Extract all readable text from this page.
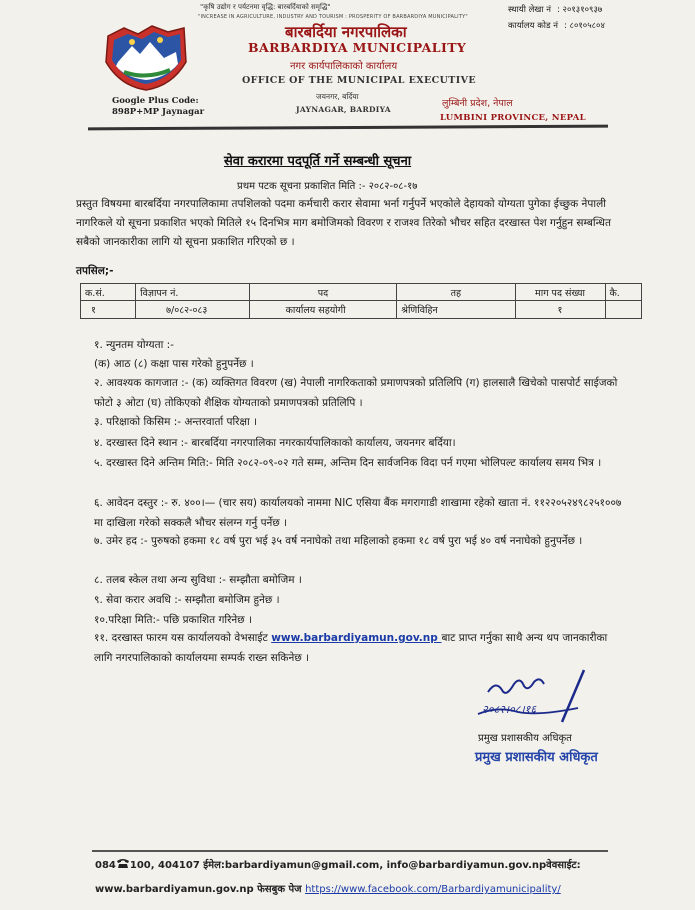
"कृषि उद्योग र पर्यटनमा वृद्धि: बारबर्दियाको समृद्धि"
"INCREASE IN AGRICULTURE, INDUSTRY AND TOURISM : PROSPERITY OF BARBARDIYA MUNICIPALITY"
स्थायी लेखा नं : २०१३१०९३७
कार्यालय कोड नं : ८०१०५८०४
बारबर्दिया नगरपालिका
BARBARDIYA MUNICIPALITY
नगर कार्यपालिकाको कार्यालय
OFFICE OF THE MUNICIPAL EXECUTIVE
जयनगर, बर्दिया
JAYNAGAR, BARDIYA
Google Plus Code:
898P+MP Jaynagar
लुम्बिनी प्रदेश, नेपाल
LUMBINI PROVINCE, NEPAL
सेवा करारमा पदपूर्ति गर्ने सम्बन्धी सूचना
प्रथम पटक सूचना प्रकाशित मिति :- २०८२-०८-१७
प्रस्तुत विषयमा बारबर्दिया नगरपालिकामा तपशिलको पदमा कर्मचारी करार सेवामा भर्ना गर्नुपर्ने भएकोले देहायको योग्यता पुगेका ईच्छुक नेपाली नागरिकले यो सूचना प्रकाशित भएको मितिले १५ दिनभित्र माग बमोजिमको विवरण र राजश्व तिरेको भौचर सहित दरखास्त पेश गर्नुहुन सम्बन्धित सबैको जानकारीका लागि यो सूचना प्रकाशित गरिएको छ ।
तपसिल;-
क.सं.	विज्ञापन नं.	पद	तह	माग पद संख्या	कै.
१	७/०८२-०८३	कार्यालय सहयोगी	श्रेणिविहिन	१	
१. न्युनतम योग्यता :-
(क) आठ (८) कक्षा पास गरेको हुनुपर्नेछ ।
२. आवश्यक कागजात :- (क) व्यक्तिगत विवरण (ख) नेपाली नागरिकताको प्रमाणपत्रको प्रतिलिपि (ग) हालसालै खिचेको पासपोर्ट साईजको फोटो ३ ओटा (घ) तोकिएको शैक्षिक योग्यताको प्रमाणपत्रको प्रतिलिपि ।
३. परिक्षाको किसिम :- अन्तरवार्ता परिक्षा ।
४. दरखास्त दिने स्थान :- बारबर्दिया नगरपालिका नगरकार्यपालिकाको कार्यालय, जयनगर बर्दिया।
५. दरखास्त दिने अन्तिम मिति:- मिति २०८२-०९-०२ गते सम्म, अन्तिम दिन सार्वजनिक विदा पर्न गएमा भोलिपल्ट कार्यालय समय भित्र ।
६. आवेदन दस्तुर :- रु. ४००।— (चार सय) कार्यालयको नाममा NIC एसिया बैंक मगरागाडी शाखामा रहेको खाता नं. ११२२०५२४९८२५१००७ मा दाखिला गरेको सक्कलै भौचर संलग्न गर्नु पर्नेछ ।
७. उमेर हद :- पुरुषको हकमा १८ वर्ष पुरा भई ३५ वर्ष ननाघेको तथा महिलाको हकमा १८ वर्ष पुरा भई ४० वर्ष ननाघेको हुनुपर्नेछ ।
८. तलब स्केल तथा अन्य सुविधा :- सम्झौता बमोजिम ।
९. सेवा करार अवधि :- सम्झौता बमोजिम हुनेछ ।
१०.परिक्षा मिति:- पछि प्रकाशित गरिनेछ ।
११. दरखास्त फारम यस कार्यालयको वेभसाईट www.barbardiyamun.gov.np बाट प्राप्त गर्नुका साथै अन्य थप जानकारीका लागि नगरपालिकाको कार्यालयमा सम्पर्क राख्न सकिनेछ ।
२०८२।०८।१६
प्रमुख प्रशासकीय अधिकृत
प्रमुख प्रशासकीय अधिकृत
084 100, 404107 ईमेल:barbardiyamun@gmail.com, info@barbardiyamun.gov.npवेवसाईट:
www.barbardiyamun.gov.np फेसबुक पेज https://www.facebook.com/Barbardiyamunicipality/
